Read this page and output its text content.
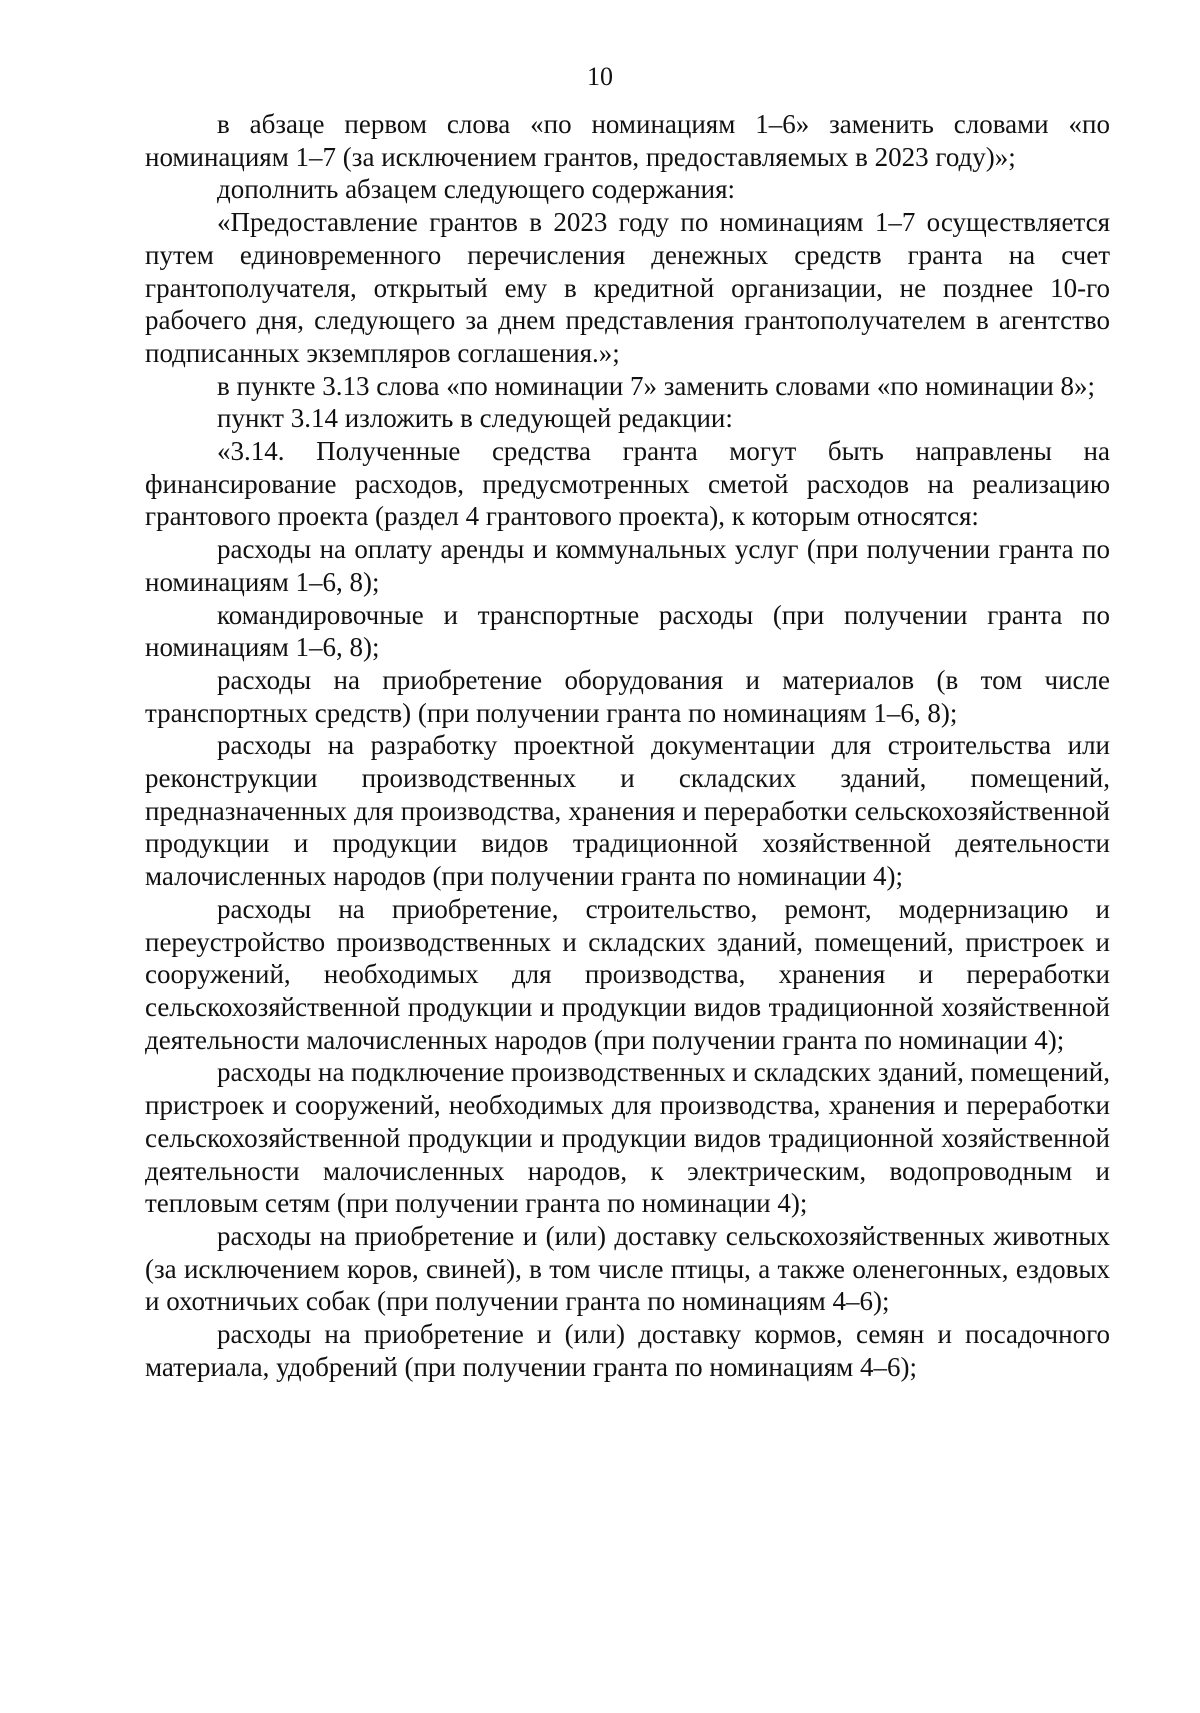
10

в абзаце первом слова «по номинациям 1–6» заменить словами «по номинациям 1–7 (за исключением грантов, предоставляемых в 2023 году)»;

дополнить абзацем следующего содержания:

«Предоставление грантов в 2023 году по номинациям 1–7 осуществляется путем единовременного перечисления денежных средств гранта на счет грантополучателя, открытый ему в кредитной организации, не позднее 10-го рабочего дня, следующего за днем представления грантополучателем в агентство подписанных экземпляров соглашения.»;

в пункте 3.13 слова «по номинации 7» заменить словами «по номинации 8»;

пункт 3.14 изложить в следующей редакции:

«3.14. Полученные средства гранта могут быть направлены на финансирование расходов, предусмотренных сметой расходов на реализацию грантового проекта (раздел 4 грантового проекта), к которым относятся:

расходы на оплату аренды и коммунальных услуг (при получении гранта по номинациям 1–6, 8);

командировочные и транспортные расходы (при получении гранта по номинациям 1–6, 8);

расходы на приобретение оборудования и материалов (в том числе транспортных средств) (при получении гранта по номинациям 1–6, 8);

расходы на разработку проектной документации для строительства или реконструкции производственных и складских зданий, помещений, предназначенных для производства, хранения и переработки сельскохозяйственной продукции и продукции видов традиционной хозяйственной деятельности малочисленных народов (при получении гранта по номинации 4);

расходы на приобретение, строительство, ремонт, модернизацию и переустройство производственных и складских зданий, помещений, пристроек и сооружений, необходимых для производства, хранения и переработки сельскохозяйственной продукции и продукции видов традиционной хозяйственной деятельности малочисленных народов (при получении гранта по номинации 4);

расходы на подключение производственных и складских зданий, помещений, пристроек и сооружений, необходимых для производства, хранения и переработки сельскохозяйственной продукции и продукции видов традиционной хозяйственной деятельности малочисленных народов, к электрическим, водопроводным и тепловым сетям (при получении гранта по номинации 4);

расходы на приобретение и (или) доставку сельскохозяйственных животных (за исключением коров, свиней), в том числе птицы, а также оленегонных, ездовых и охотничьих собак (при получении гранта по номинациям 4–6);

расходы на приобретение и (или) доставку кормов, семян и посадочного материала, удобрений (при получении гранта по номинациям 4–6);
